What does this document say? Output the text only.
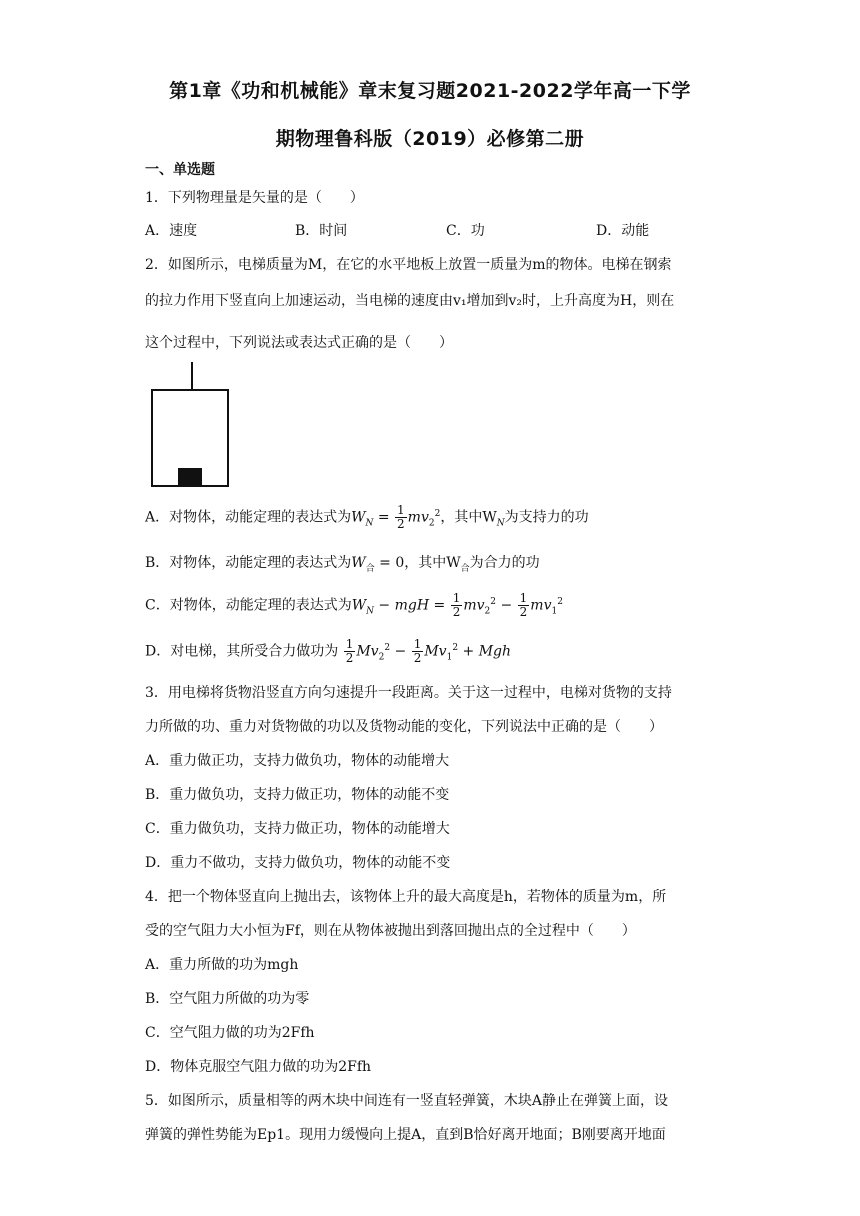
第1章《功和机械能》章末复习题2021-2022学年高一下学
期物理鲁科版（2019）必修第二册
一、单选题
1．下列物理量是矢量的是（　　）
A．速度	B．时间	C．功	D．动能
2．如图所示，电梯质量为M，在它的水平地板上放置一质量为m的物体。电梯在钢索
的拉力作用下竖直向上加速运动，当电梯的速度由v₁增加到v₂时，上升高度为H，则在
这个过程中，下列说法或表达式正确的是（　　）
A．对物体，动能定理的表达式为$W_N = \frac{1}{2} mv_2^2$，其中$W_N$为支持力的功
B．对物体，动能定理的表达式为$W_合 = 0$，其中$W_合$为合力的功
C．对物体，动能定理的表达式为$W_N$ − mgH = $\frac{1}{2} mv_2^2 - \frac{1}{2} mv_1^2$
D．对电梯，其所受合力做功为 $\frac{1}{2} Mv_2^2 - \frac{1}{2} Mv_1^2$ + Mgh
3．用电梯将货物沿竖直方向匀速提升一段距离。关于这一过程中，电梯对货物的支持
力所做的功、重力对货物做的功以及货物动能的变化，下列说法中正确的是（　　）
A．重力做正功，支持力做负功，物体的动能增大
B．重力做负功，支持力做正功，物体的动能不变
C．重力做负功，支持力做正功，物体的动能增大
D．重力不做功，支持力做负功，物体的动能不变
4．把一个物体竖直向上抛出去，该物体上升的最大高度是h，若物体的质量为m，所
受的空气阻力大小恒为Ff，则在从物体被抛出到落回抛出点的全过程中（　　）
A．重力所做的功为mgh
B．空气阻力所做的功为零
C．空气阻力做的功为2Ffh
D．物体克服空气阻力做的功为2Ffh
5．如图所示，质量相等的两木块中间连有一竖直轻弹簧，木块A静止在弹簧上面，设
弹簧的弹性势能为Ep1。现用力缓慢向上提A，直到B恰好离开地面；B刚要离开地面
